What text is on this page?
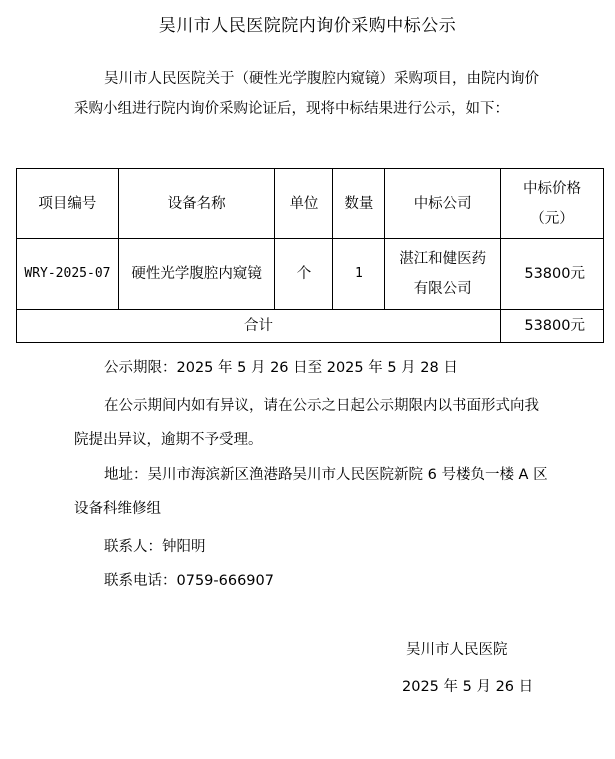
吴川市人民医院院内询价采购中标公示

吴川市人民医院关于（硬性光学腹腔内窥镜）采购项目，由院内询价采购小组进行院内询价采购论证后，现将中标结果进行公示，如下：

项目编号	设备名称	单位	数量	中标公司	中标价格
（元）

WRY-2025-07	硬性光学腹腔内窥镜	个	1	湛江和健医药
有限公司	53800元
合计					53800元

公示期限：2025 年 5 月 26 日至 2025 年 5 月 28 日

在公示期间内如有异议，请在公示之日起公示期限内以书面形式向我院提出异议，逾期不予受理。

地址：吴川市海滨新区渔港路吴川市人民医院新院 6 号楼负一楼 A 区设备科维修组

联系人：钟阳明

联系电话：0759-666907

吴川市人民医院

2025 年 5 月 26 日
